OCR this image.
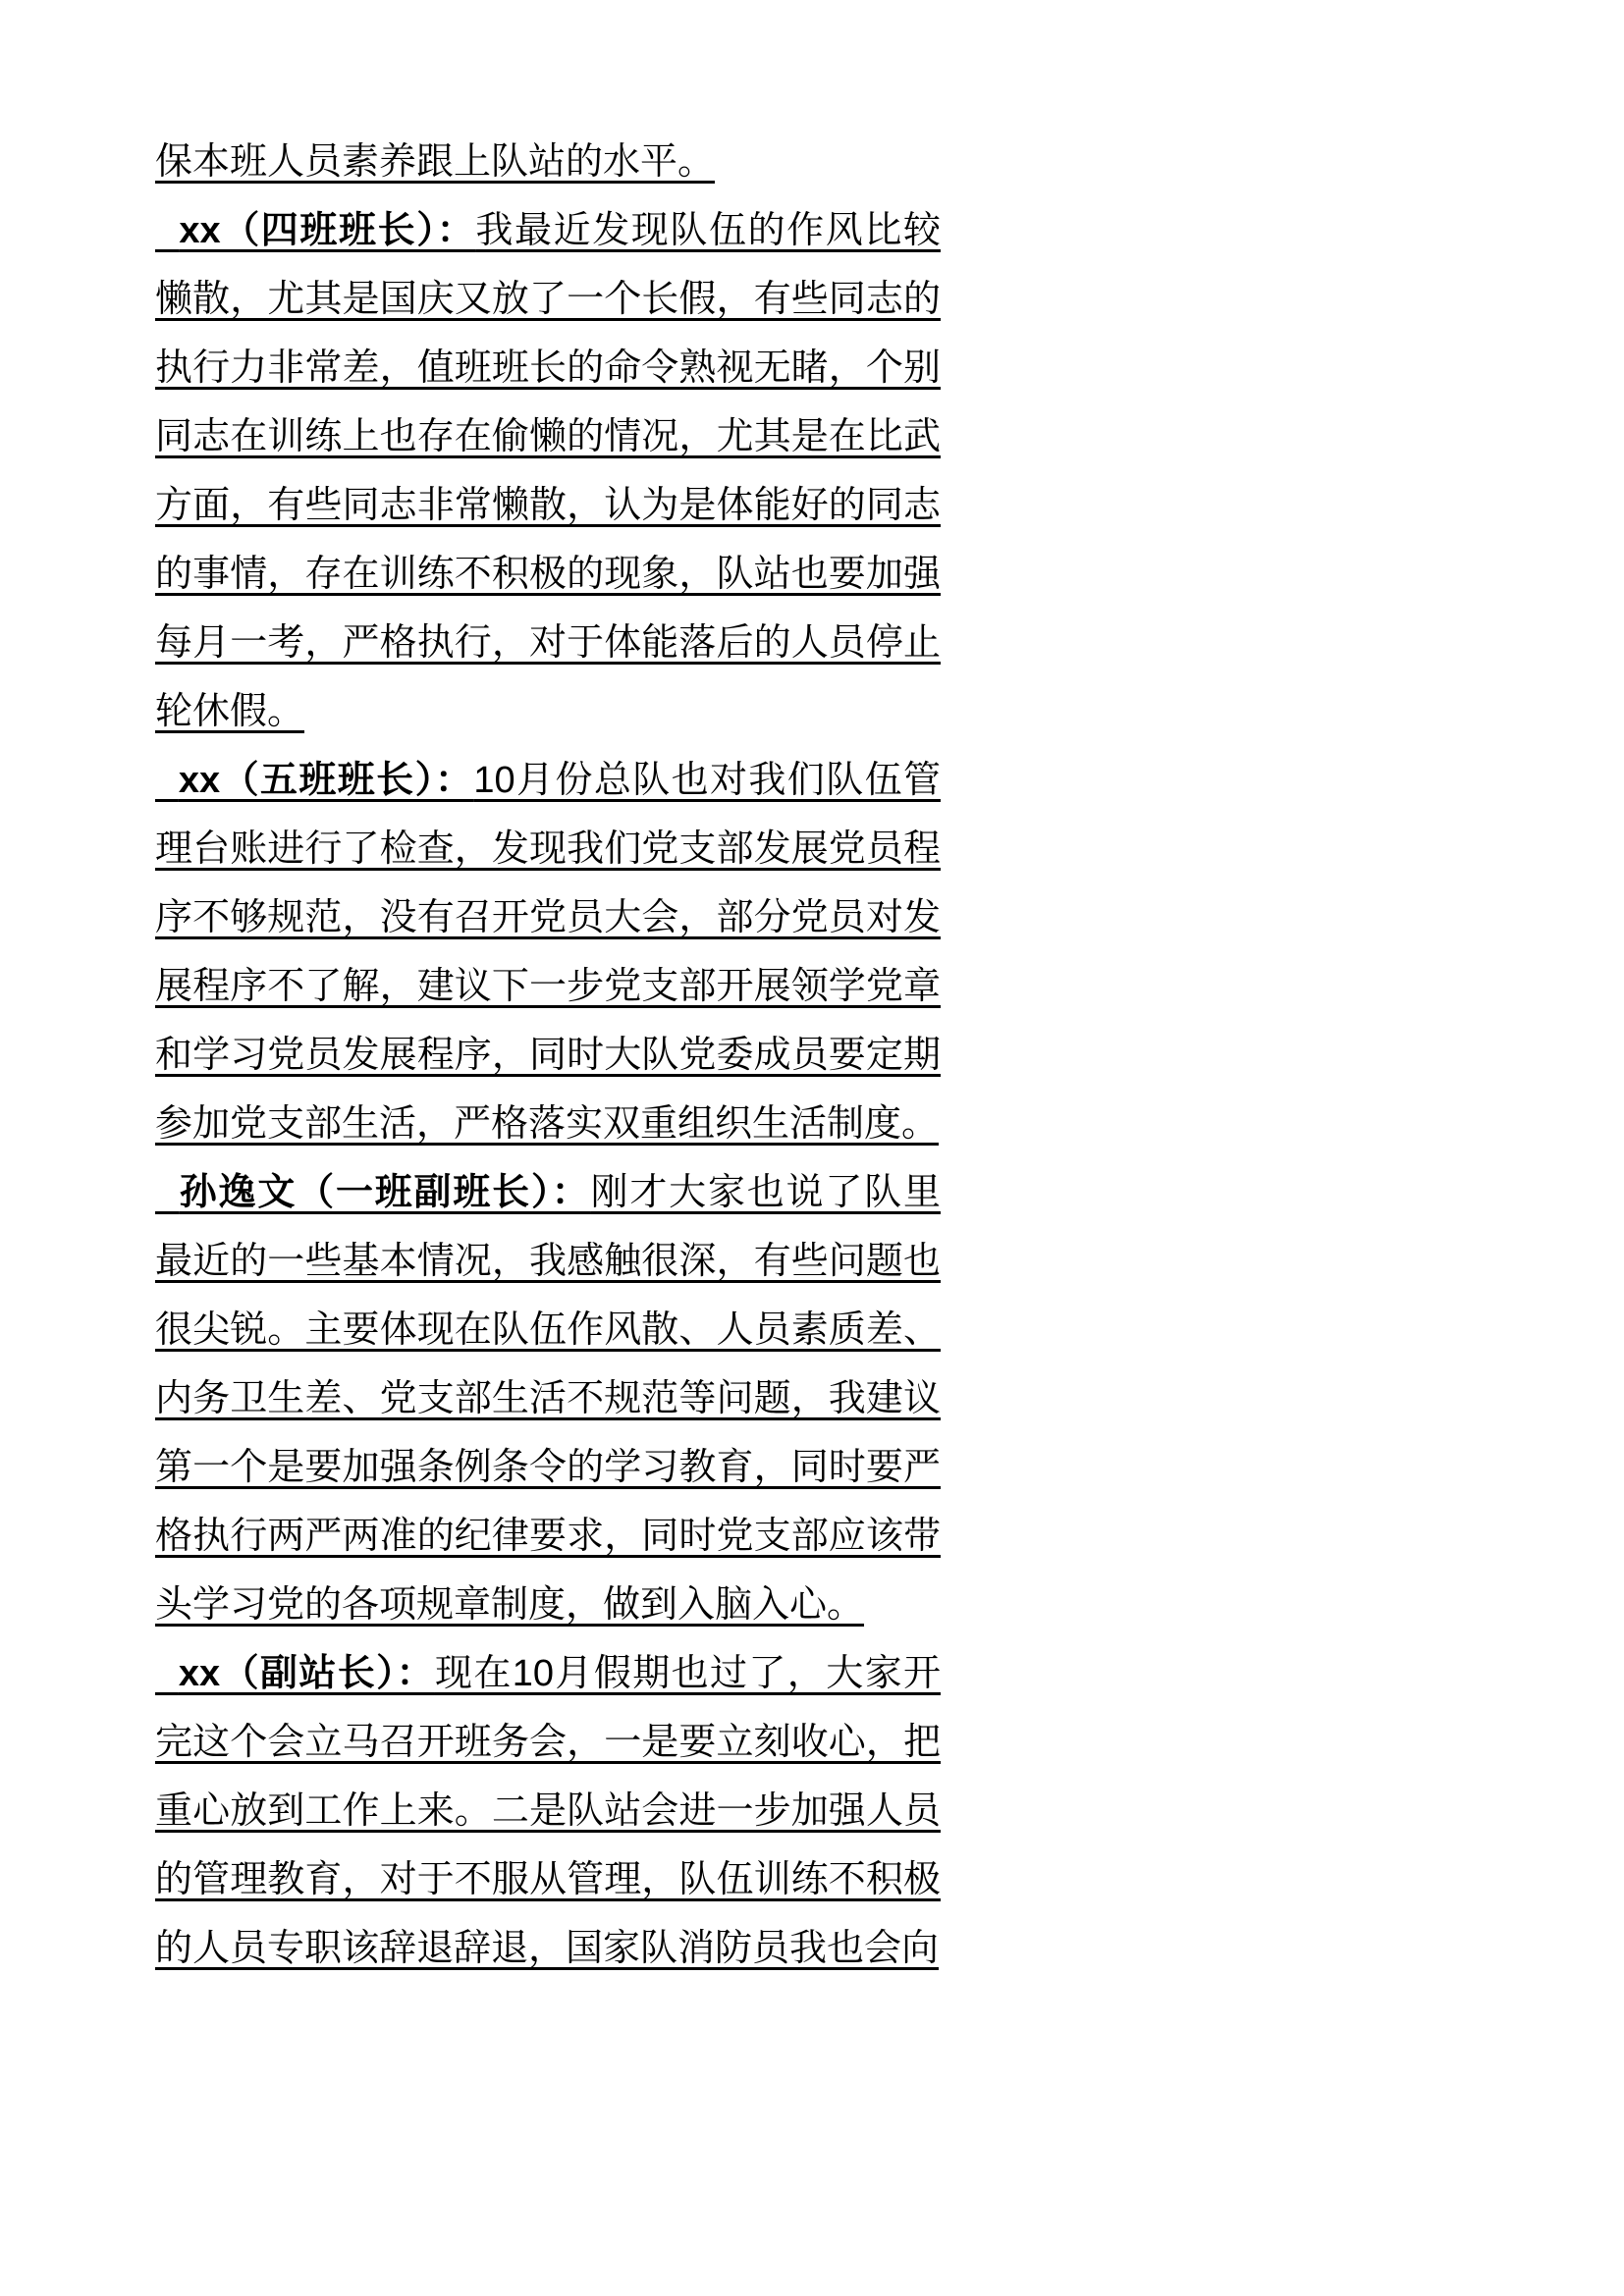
保本班人员素养跟上队站的水平。

xx（四班班长）：我最近发现队伍的作风比较懒散，尤其是国庆又放了一个长假，有些同志的执行力非常差，值班班长的命令熟视无睹，个别同志在训练上也存在偷懒的情况，尤其是在比武方面，有些同志非常懒散，认为是体能好的同志的事情，存在训练不积极的现象，队站也要加强每月一考，严格执行，对于体能落后的人员停止轮休假。

xx（五班班长）：10月份总队也对我们队伍管理台账进行了检查，发现我们党支部发展党员程序不够规范，没有召开党员大会，部分党员对发展程序不了解，建议下一步党支部开展领学党章和学习党员发展程序，同时大队党委成员要定期参加党支部生活，严格落实双重组织生活制度。

孙逸文（一班副班长）：刚才大家也说了队里最近的一些基本情况，我感触很深，有些问题也很尖锐。主要体现在队伍作风散、人员素质差、内务卫生差、党支部生活不规范等问题，我建议第一个是要加强条例条令的学习教育，同时要严格执行两严两准的纪律要求，同时党支部应该带头学习党的各项规章制度，做到入脑入心。

xx（副站长）：现在10月假期也过了，大家开完这个会立马召开班务会，一是要立刻收心，把重心放到工作上来。二是队站会进一步加强人员的管理教育，对于不服从管理，队伍训练不积极的人员专职该辞退辞退，国家队消防员我也会向
